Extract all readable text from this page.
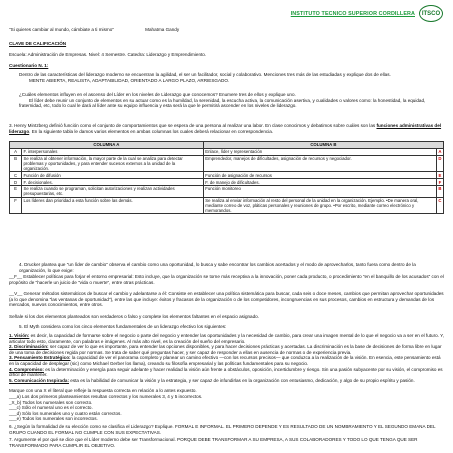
INSTITUTO TECNICO SUPERIOR CORDILLERA	ITSCO
"Si quieres cambiar al mundo, cámbiate a ti mismo"	Mahatma Gandy
CLAVE DE CALIFICACIÓN
Escuela: Administración de Empresas. Nivel: 4 Semestre. Catedra: Liderazgo y Emprendimiento.
Cuestionario N. 1:
Dentro de las características del liderazgo moderno se encuentran la agilidad, el ser un facilitador, social y colaborativo. Menciones tres más de las estudiadas y explique dos de ellas.
MENTE ABIERTA, REALISTA, ADAPTABILIDAD, ORIENTADO A LARGO PLAZO, ARRIESGADO.
¿Cuáles elementos influyen en el ascenso del Líder en los niveles de Liderazgo que conocemos? Enumere tres de ellos y explique uno.
El líder debe reunir un conjunto de elementos en su actuar como es la humildad, la serenidad, la escucha activa, la comunicación asertiva, y cualidades o valores como: la honestidad, la equidad, fraternidad, etc, todo lo cual le dará al líder ante su equipo influencia y esta será la que le permitirá ascender en los niveles de liderazgo.
3. Henry Mintzberg definió función como el conjunto de comportamientos que se espera de una persona al realizar una labor. En clase conocimos y debatimos sobre cuáles son las funciones administrativas del liderazgo. En la siguiente tabla le damos varios elementos en ambas columnas los cuales deberá relacionar en correspondencia.
COLUMNA A		COLUMNA B	
A	F. interpersonales	Enlace, líder y representación	A
B	Se realiza al obtener información, la mayor parte de la cual se analiza para detectar problemas y oportunidades, y para entender sucesos externos a la unidad de la organización.	Emprendedor, manejos de dificultades, asignación de recursos y negociador.	D
C	Función de difusión	Función de asignación de recursos	E
D	F. decisionales.	F. de manejo de dificultades.	F
E	Se realiza cuando se programan, solicitan autorizaciones y realizan actividades presupuestarias, etc.	Función monitoreo	B
F	Los líderes dan prioridad a esta función sobre las demás.	Se realiza al enviar información al resto del personal de la unidad en la organización. Ejemplo. •De manera oral, mediante correo de voz, pláticas personales y reuniones de grupo. •Por escrito, mediante correo electrónico y memorandos.	C
4. Drucker plantea que "un líder de cambio" observa el cambio como una oportunidad, lo busca y sabe encontrar los cambios acertados y el modo de aprovecharlos, tanto fuera como dentro de la organización, lo que exige:
__F__ Establecer políticas para forjar el entorno empresarial: Esto incluye, que la organización se torne más receptiva a la innovación, poner cada producto, o procedimiento "en el banquillo de los acusados" con el propósito de "hacerle un juicio de "vida o muerte", entre otras prácticas.
__V__ Generar métodos sistemáticos de buscar el cambio y adelantarse a él: Consiste en establecer una política sistemática para buscar, cada seis o doce meses, cambios que permitan aprovechar oportunidades (a lo que denomina "las ventanas de oportunidad"), entre las que incluye: éxitos y fracasos de la organización o de los competidores, incongruencias en sus procesos, cambios en estructura y demandas de los mercados, nuevos conocimientos, entre otros.
Señale si los dos elementos planteados son verdaderos o falso y complete los elementos faltantes en el espacio asignado.
5. El Myth considera como los cinco elementos fundamentales de un liderazgo efectivo los siguientes:
1. Visión: es decir, la capacidad de formarse sobre el negocio o parte del negocio y entender las oportunidades y la necesidad de cambio, para crear una imagen mental de lo que el negocio va a ser en el futuro. Y, articular todo esto, claramente, con palabras e imágenes. Al más alto nivel, es la creación del sueño del empresario.
2. Discriminación: ser capaz de ver lo que es importante, para entender las opciones disponibles, y para hacer decisiones prácticas y acertadas. La discriminación es la base de decisiones de forma libre en lugar de una toma de decisiones regida por normas. Se trata de saber qué preguntas hacer, y ser capaz de responder a ellas en ausencia de normas o de experiencia previa.
3. Pensamiento Estratégico: la capacidad de ver el panorama completo y planear un camino efectivo —con los recursos precisos— que conduzca a la realización de la visión. En esencia, este pensamiento está en la capacidad de desplegar (sic) como Michael Gerber los llama), creando su filosofía empresarial y las políticas fundamentales para su negocio.
4. Compromiso: es la determinación y energía para seguir adelante y hacer realidad la visión aún frente a obstáculos, oposición, incertidumbre y riesgo. Sin una pasión subyacente por su visión, el compromiso es difícil de mantener.
5. Comunicación Inspirada: esta es la habilidad de comunicar la visión y la estrategia, y ser capaz de infundirlas en la organización con entusiasmo, dedicación, y algo de su propio espíritu y pasión.
Marque con una X el literal que refleje la respuesta correcta en relación a lo antes expuesto.
___a) Los dos primeros planteamientos resultan correctos y los numerales 3, 4 y 5 incorrectos.
_X_b) Todos los numerales son correcto.
___c) Sólo el numeral uno es el correcto.
___d) Sólo los numerales uno y cuatro están correctos.
___e) Todos los numerales son incorrectos.
6. ¿Según la formalidad de su elección como se clasifica el Liderazgo? Explique. FORMAL E INFORMAL. EL PRIMERO DEPENDE Y ES RESULTADO DE UN NOMBRAMIENTO Y EL SEGUNDO EMANA DEL GRUPO CUANDO EL FORMAL NO CUMPLE CON SUS EXPECTATIVAS.
7. Argumente el por qué se dice que el Líder moderno debe ser Transformacional. PORQUE DEBE TRANSFORMAR A SU EMPRESA, A SUS COLABORADORES Y TODO LO QUE TENGA QUE SER TRANSFORMADO PARA CUMPLIR EL OBJETIVO.
